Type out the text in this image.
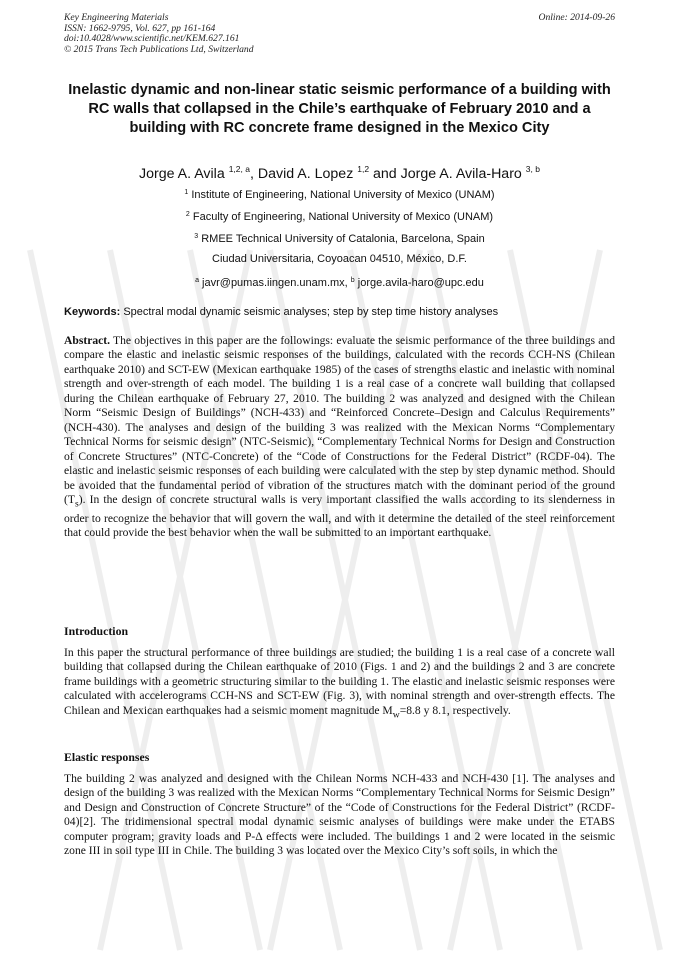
Key Engineering Materials
ISSN: 1662-9795, Vol. 627, pp 161-164
doi:10.4028/www.scientific.net/KEM.627.161
© 2015 Trans Tech Publications Ltd, Switzerland
Online: 2014-09-26
Inelastic dynamic and non-linear static seismic performance of a building with RC walls that collapsed in the Chile’s earthquake of February 2010 and a building with RC concrete frame designed in the Mexico City
Jorge A. Avila $^{1,2, a}$, David A. Lopez $^{1,2}$ and Jorge A. Avila-Haro $^{3, b}$
$^1$ Institute of Engineering, National University of Mexico (UNAM)
$^2$ Faculty of Engineering, National University of Mexico (UNAM)
$^3$ RMEE Technical University of Catalonia, Barcelona, Spain
Ciudad Universitaria, Coyoacan 04510, México, D.F.
$^a$ javr@pumas.iingen.unam.mx, $^b$ jorge.avila-haro@upc.edu
Keywords: Spectral modal dynamic seismic analyses; step by step time history analyses
Abstract. The objectives in this paper are the followings: evaluate the seismic performance of the three buildings and compare the elastic and inelastic seismic responses of the buildings, calculated with the records CCH-NS (Chilean earthquake 2010) and SCT-EW (Mexican earthquake 1985) of the cases of strengths elastic and inelastic with nominal strength and over-strength of each model. The building 1 is a real case of a concrete wall building that collapsed during the Chilean earthquake of February 27, 2010. The building 2 was analyzed and designed with the Chilean Norm “Seismic Design of Buildings” (NCH-433) and “Reinforced Concrete–Design and Calculus Requirements” (NCH-430). The analyses and design of the building 3 was realized with the Mexican Norms “Complementary Technical Norms for seismic design” (NTC-Seismic), “Complementary Technical Norms for Design and Construction of Concrete Structures” (NTC-Concrete) of the “Code of Constructions for the Federal District” (RCDF-04). The elastic and inelastic seismic responses of each building were calculated with the step by step dynamic method. Should be avoided that the fundamental period of vibration of the structures match with the dominant period of the ground $(T_s)$. In the design of concrete structural walls is very important classified the walls according to its slenderness in order to recognize the behavior that will govern the wall, and with it determine the detailed of the steel reinforcement that could provide the best behavior when the wall be submitted to an important earthquake.
Introduction
In this paper the structural performance of three buildings are studied; the building 1 is a real case of a concrete wall building that collapsed during the Chilean earthquake of 2010 (Figs. 1 and 2) and the buildings 2 and 3 are concrete frame buildings with a geometric structuring similar to the building 1. The elastic and inelastic seismic responses were calculated with accelerograms CCH-NS and SCT-EW (Fig. 3), with nominal strength and over-strength effects. The Chilean and Mexican earthquakes had a seismic moment magnitude $M_w=8.8$ y 8.1, respectively.
Elastic responses
The building 2 was analyzed and designed with the Chilean Norms NCH-433 and NCH-430 [1]. The analyses and design of the building 3 was realized with the Mexican Norms “Complementary Technical Norms for Seismic Design” and Design and Construction of Concrete Structure” of the “Code of Constructions for the Federal District” (RCDF-04)[2]. The tridimensional spectral modal dynamic seismic analyses of buildings were make under the ETABS computer program; gravity loads and P-Δ effects were included. The buildings 1 and 2 were located in the seismic zone III in soil type III in Chile. The building 3 was located over the Mexico City’s soft soils, in which the
